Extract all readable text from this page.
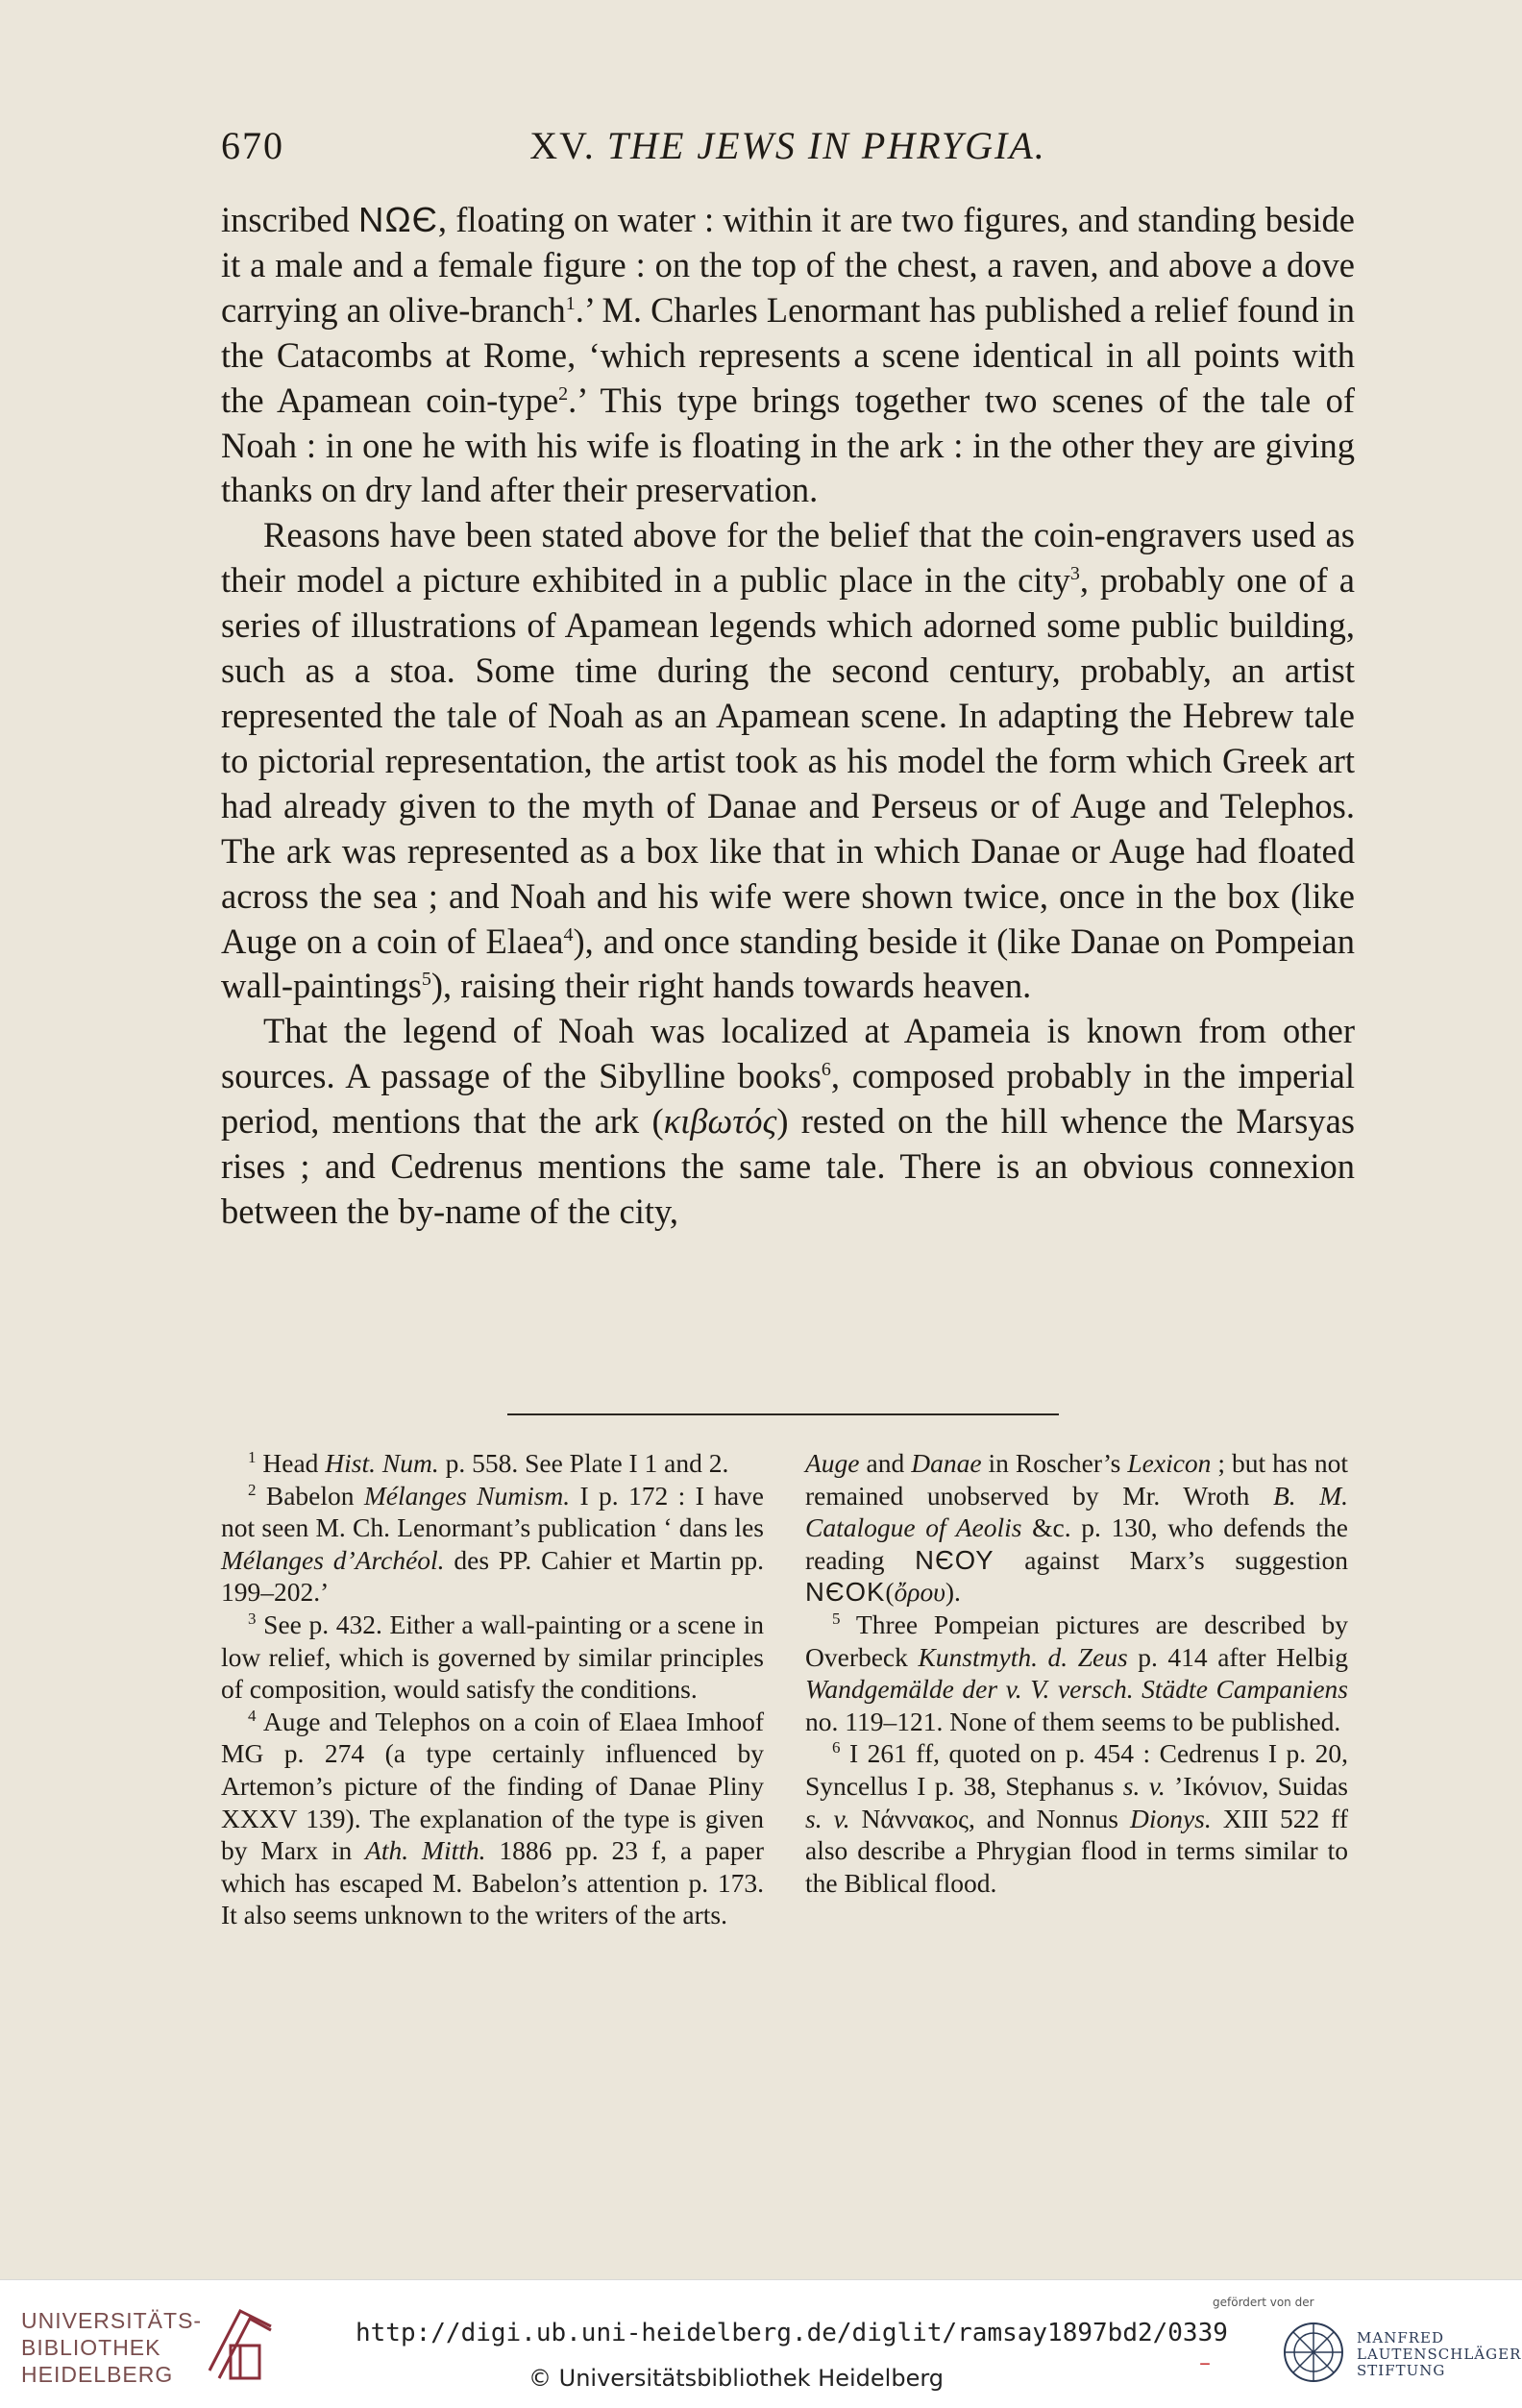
670	XV. THE JEWS IN PHRYGIA.

inscribed ΝΩЄ, floating on water : within it are two figures, and standing beside it a male and a female figure : on the top of the chest, a raven, and above a dove carrying an olive-branch$^1$.’ M. Charles Lenormant has published a relief found in the Catacombs at Rome, ‘which represents a scene identical in all points with the Apamean coin-type$^2$.’ This type brings together two scenes of the tale of Noah : in one he with his wife is floating in the ark : in the other they are giving thanks on dry land after their preservation.

Reasons have been stated above for the belief that the coin-engravers used as their model a picture exhibited in a public place in the city$^3$, probably one of a series of illustrations of Apamean legends which adorned some public building, such as a stoa. Some time during the second century, probably, an artist represented the tale of Noah as an Apamean scene. In adapting the Hebrew tale to pictorial representation, the artist took as his model the form which Greek art had already given to the myth of Danae and Perseus or of Auge and Telephos. The ark was represented as a box like that in which Danae or Auge had floated across the sea ; and Noah and his wife were shown twice, once in the box (like Auge on a coin of Elaea$^4$), and once standing beside it (like Danae on Pompeian wall-paintings$^5$), raising their right hands towards heaven.

That the legend of Noah was localized at Apameia is known from other sources. A passage of the Sibylline books$^6$, composed probably in the imperial period, mentions that the ark (κιβωτός) rested on the hill whence the Marsyas rises ; and Cedrenus mentions the same tale. There is an obvious connexion between the by-name of the city,

$^1$ Head Hist. Num. p. 558. See Plate I 1 and 2.

$^2$ Babelon Mélanges Numism. I p. 172 : I have not seen M. Ch. Lenormant’s publication ‘ dans les Mélanges d’Archéol. des PP. Cahier et Martin pp. 199–202.’

$^3$ See p. 432. Either a wall-painting or a scene in low relief, which is governed by similar principles of composition, would satisfy the conditions.

$^4$ Auge and Telephos on a coin of Elaea Imhoof MG p. 274 (a type certainly influenced by Artemon’s picture of the finding of Danae Pliny XXXV 139). The explanation of the type is given by Marx in Ath. Mitth. 1886 pp. 23 f, a paper which has escaped M. Babelon’s attention p. 173. It also seems unknown to the writers of the arts.

Auge and Danae in Roscher’s Lexicon ; but has not remained unobserved by Mr. Wroth B. M. Catalogue of Aeolis &c. p. 130, who defends the reading ΝЄΟΥ against Marx’s suggestion ΝЄΟΚ(ὄρου).

$^5$ Three Pompeian pictures are described by Overbeck Kunstmyth. d. Zeus p. 414 after Helbig Wandgemälde der v. V. versch. Städte Campaniens no. 119–121. None of them seems to be published.

$^6$ I 261 ff, quoted on p. 454 : Cedrenus I p. 20, Syncellus I p. 38, Stephanus s. v. ’Ικόνιον, Suidas s. v. Νάννακος, and Nonnus Dionys. XIII 522 ff also describe a Phrygian flood in terms similar to the Biblical flood.

UNIVERSITÄTS-
BIBLIOTHEK
HEIDELBERG
http://digi.ub.uni-heidelberg.de/diglit/ramsay1897bd2/0339
© Universitätsbibliothek Heidelberg
–
gefördert von der
MANFRED
LAUTENSCHLÄGER
STIFTUNG
